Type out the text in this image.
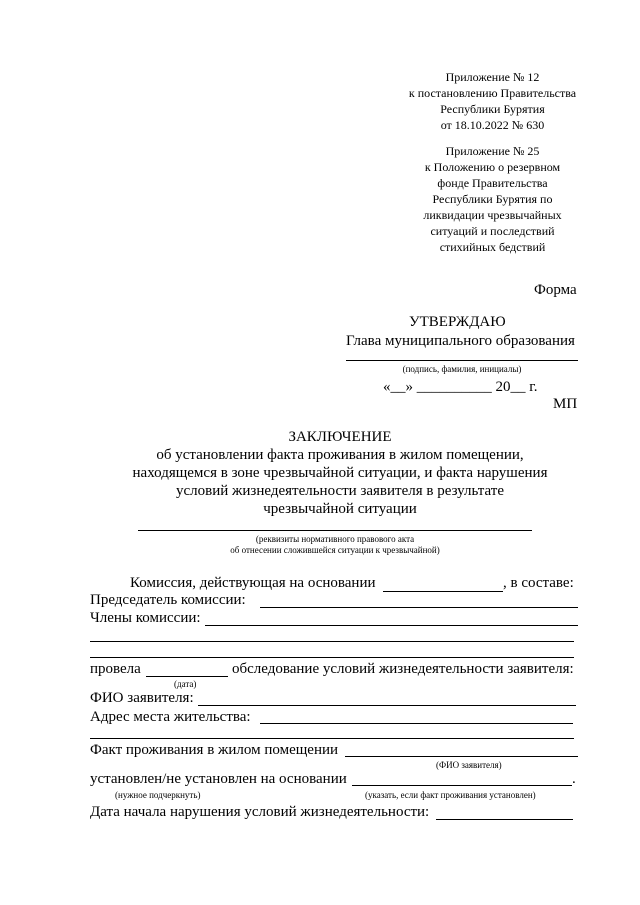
Приложение № 12
к постановлению Правительства
Республики Бурятия
от 18.10.2022 № 630
Приложение № 25
к Положению о резервном
фонде Правительства
Республики Бурятия по
ликвидации чрезвычайных
ситуаций и последствий
стихийных бедствий
Форма
УТВЕРЖДАЮ
Глава муниципального образования
(подпись, фамилия, инициалы)
«__» __________ 20__ г.
МП
ЗАКЛЮЧЕНИЕ
об установлении факта проживания в жилом помещении,
находящемся в зоне чрезвычайной ситуации, и факта нарушения
условий жизнедеятельности заявителя в результате
чрезвычайной ситуации
(реквизиты нормативного правового акта
об отнесении сложившейся ситуации к чрезвычайной)
Комиссия, действующая на основании	, в составе:
Председатель комиссии:
Члены комиссии:
провела	обследование условий жизнедеятельности заявителя:
(дата)
ФИО заявителя:
Адрес места жительства:
Факт проживания в жилом помещении
(ФИО заявителя)
установлен/не установлен на основании	.
(нужное подчеркнуть)	(указать, если факт проживания установлен)
Дата начала нарушения условий жизнедеятельности:
